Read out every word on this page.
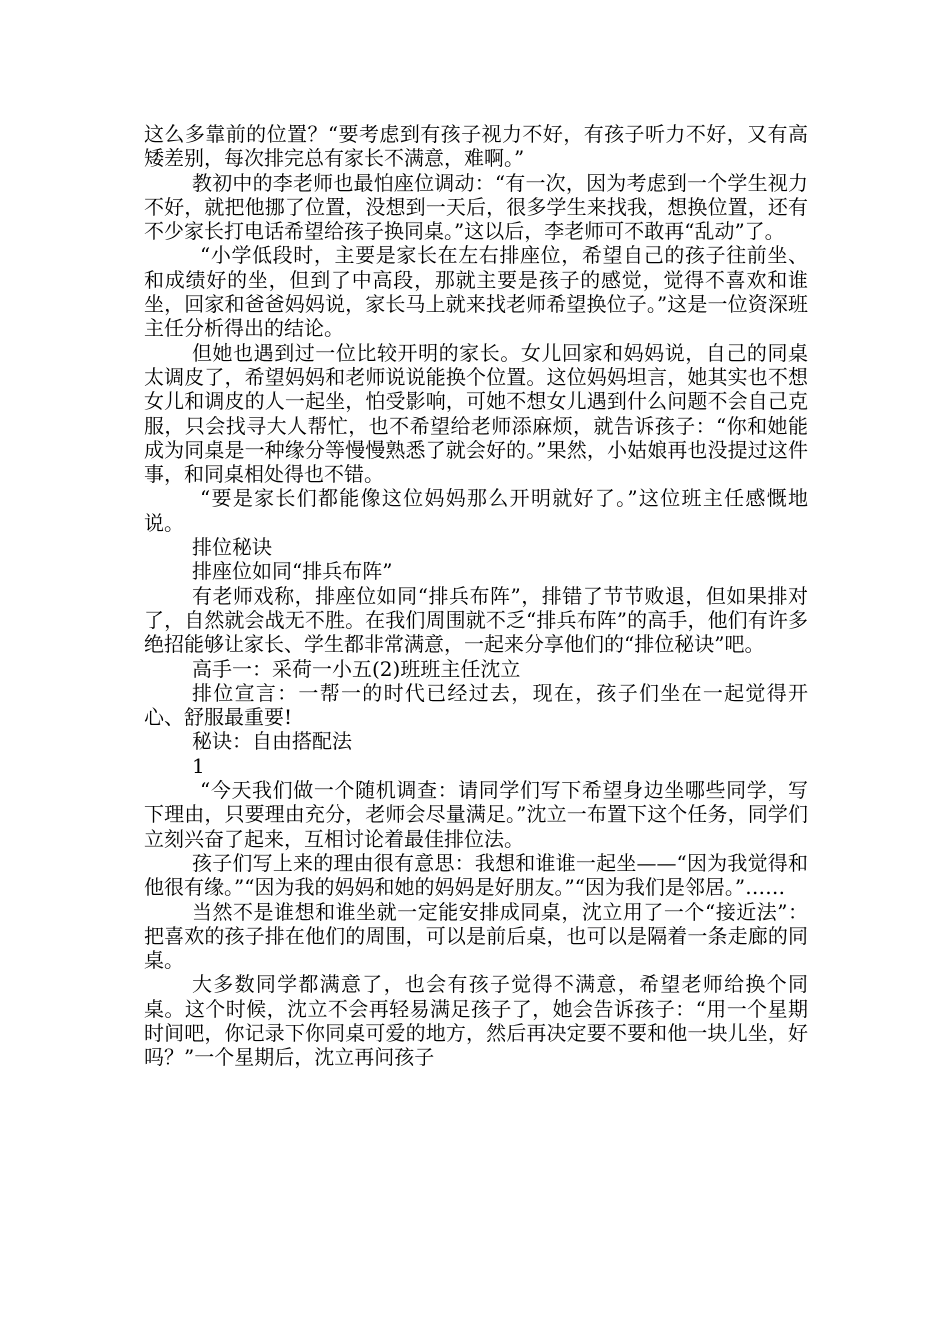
这么多靠前的位置？“要考虑到有孩子视力不好，有孩子听力不好，又有高矮差别，每次排完总有家长不满意，难啊。”

教初中的李老师也最怕座位调动：“有一次，因为考虑到一个学生视力不好，就把他挪了位置，没想到一天后，很多学生来找我，想换位置，还有不少家长打电话希望给孩子换同桌。”这以后，李老师可不敢再“乱动”了。

“小学低段时，主要是家长在左右排座位，希望自己的孩子往前坐、和成绩好的坐，但到了中高段，那就主要是孩子的感觉，觉得不喜欢和谁坐，回家和爸爸妈妈说，家长马上就来找老师希望换位子。”这是一位资深班主任分析得出的结论。

但她也遇到过一位比较开明的家长。女儿回家和妈妈说，自己的同桌太调皮了，希望妈妈和老师说说能换个位置。这位妈妈坦言，她其实也不想女儿和调皮的人一起坐，怕受影响，可她不想女儿遇到什么问题不会自己克服，只会找寻大人帮忙，也不希望给老师添麻烦，就告诉孩子：“你和她能成为同桌是一种缘分等慢慢熟悉了就会好的。”果然，小姑娘再也没提过这件事，和同桌相处得也不错。

“要是家长们都能像这位妈妈那么开明就好了。”这位班主任感慨地说。

排位秘诀

排座位如同“排兵布阵”

有老师戏称，排座位如同“排兵布阵”，排错了节节败退，但如果排对了，自然就会战无不胜。在我们周围就不乏“排兵布阵”的高手，他们有许多绝招能够让家长、学生都非常满意，一起来分享他们的“排位秘诀”吧。

高手一：采荷一小五(2)班班主任沈立

排位宣言：一帮一的时代已经过去，现在，孩子们坐在一起觉得开心、舒服最重要!

秘诀：自由搭配法

1

“今天我们做一个随机调查：请同学们写下希望身边坐哪些同学，写下理由，只要理由充分，老师会尽量满足。”沈立一布置下这个任务，同学们立刻兴奋了起来，互相讨论着最佳排位法。

孩子们写上来的理由很有意思：我想和谁谁一起坐——“因为我觉得和他很有缘。”“因为我的妈妈和她的妈妈是好朋友。”“因为我们是邻居。”……

当然不是谁想和谁坐就一定能安排成同桌，沈立用了一个“接近法”：把喜欢的孩子排在他们的周围，可以是前后桌，也可以是隔着一条走廊的同桌。

大多数同学都满意了，也会有孩子觉得不满意，希望老师给换个同桌。这个时候，沈立不会再轻易满足孩子了，她会告诉孩子：“用一个星期时间吧，你记录下你同桌可爱的地方，然后再决定要不要和他一块儿坐，好吗？”一个星期后，沈立再问孩子
